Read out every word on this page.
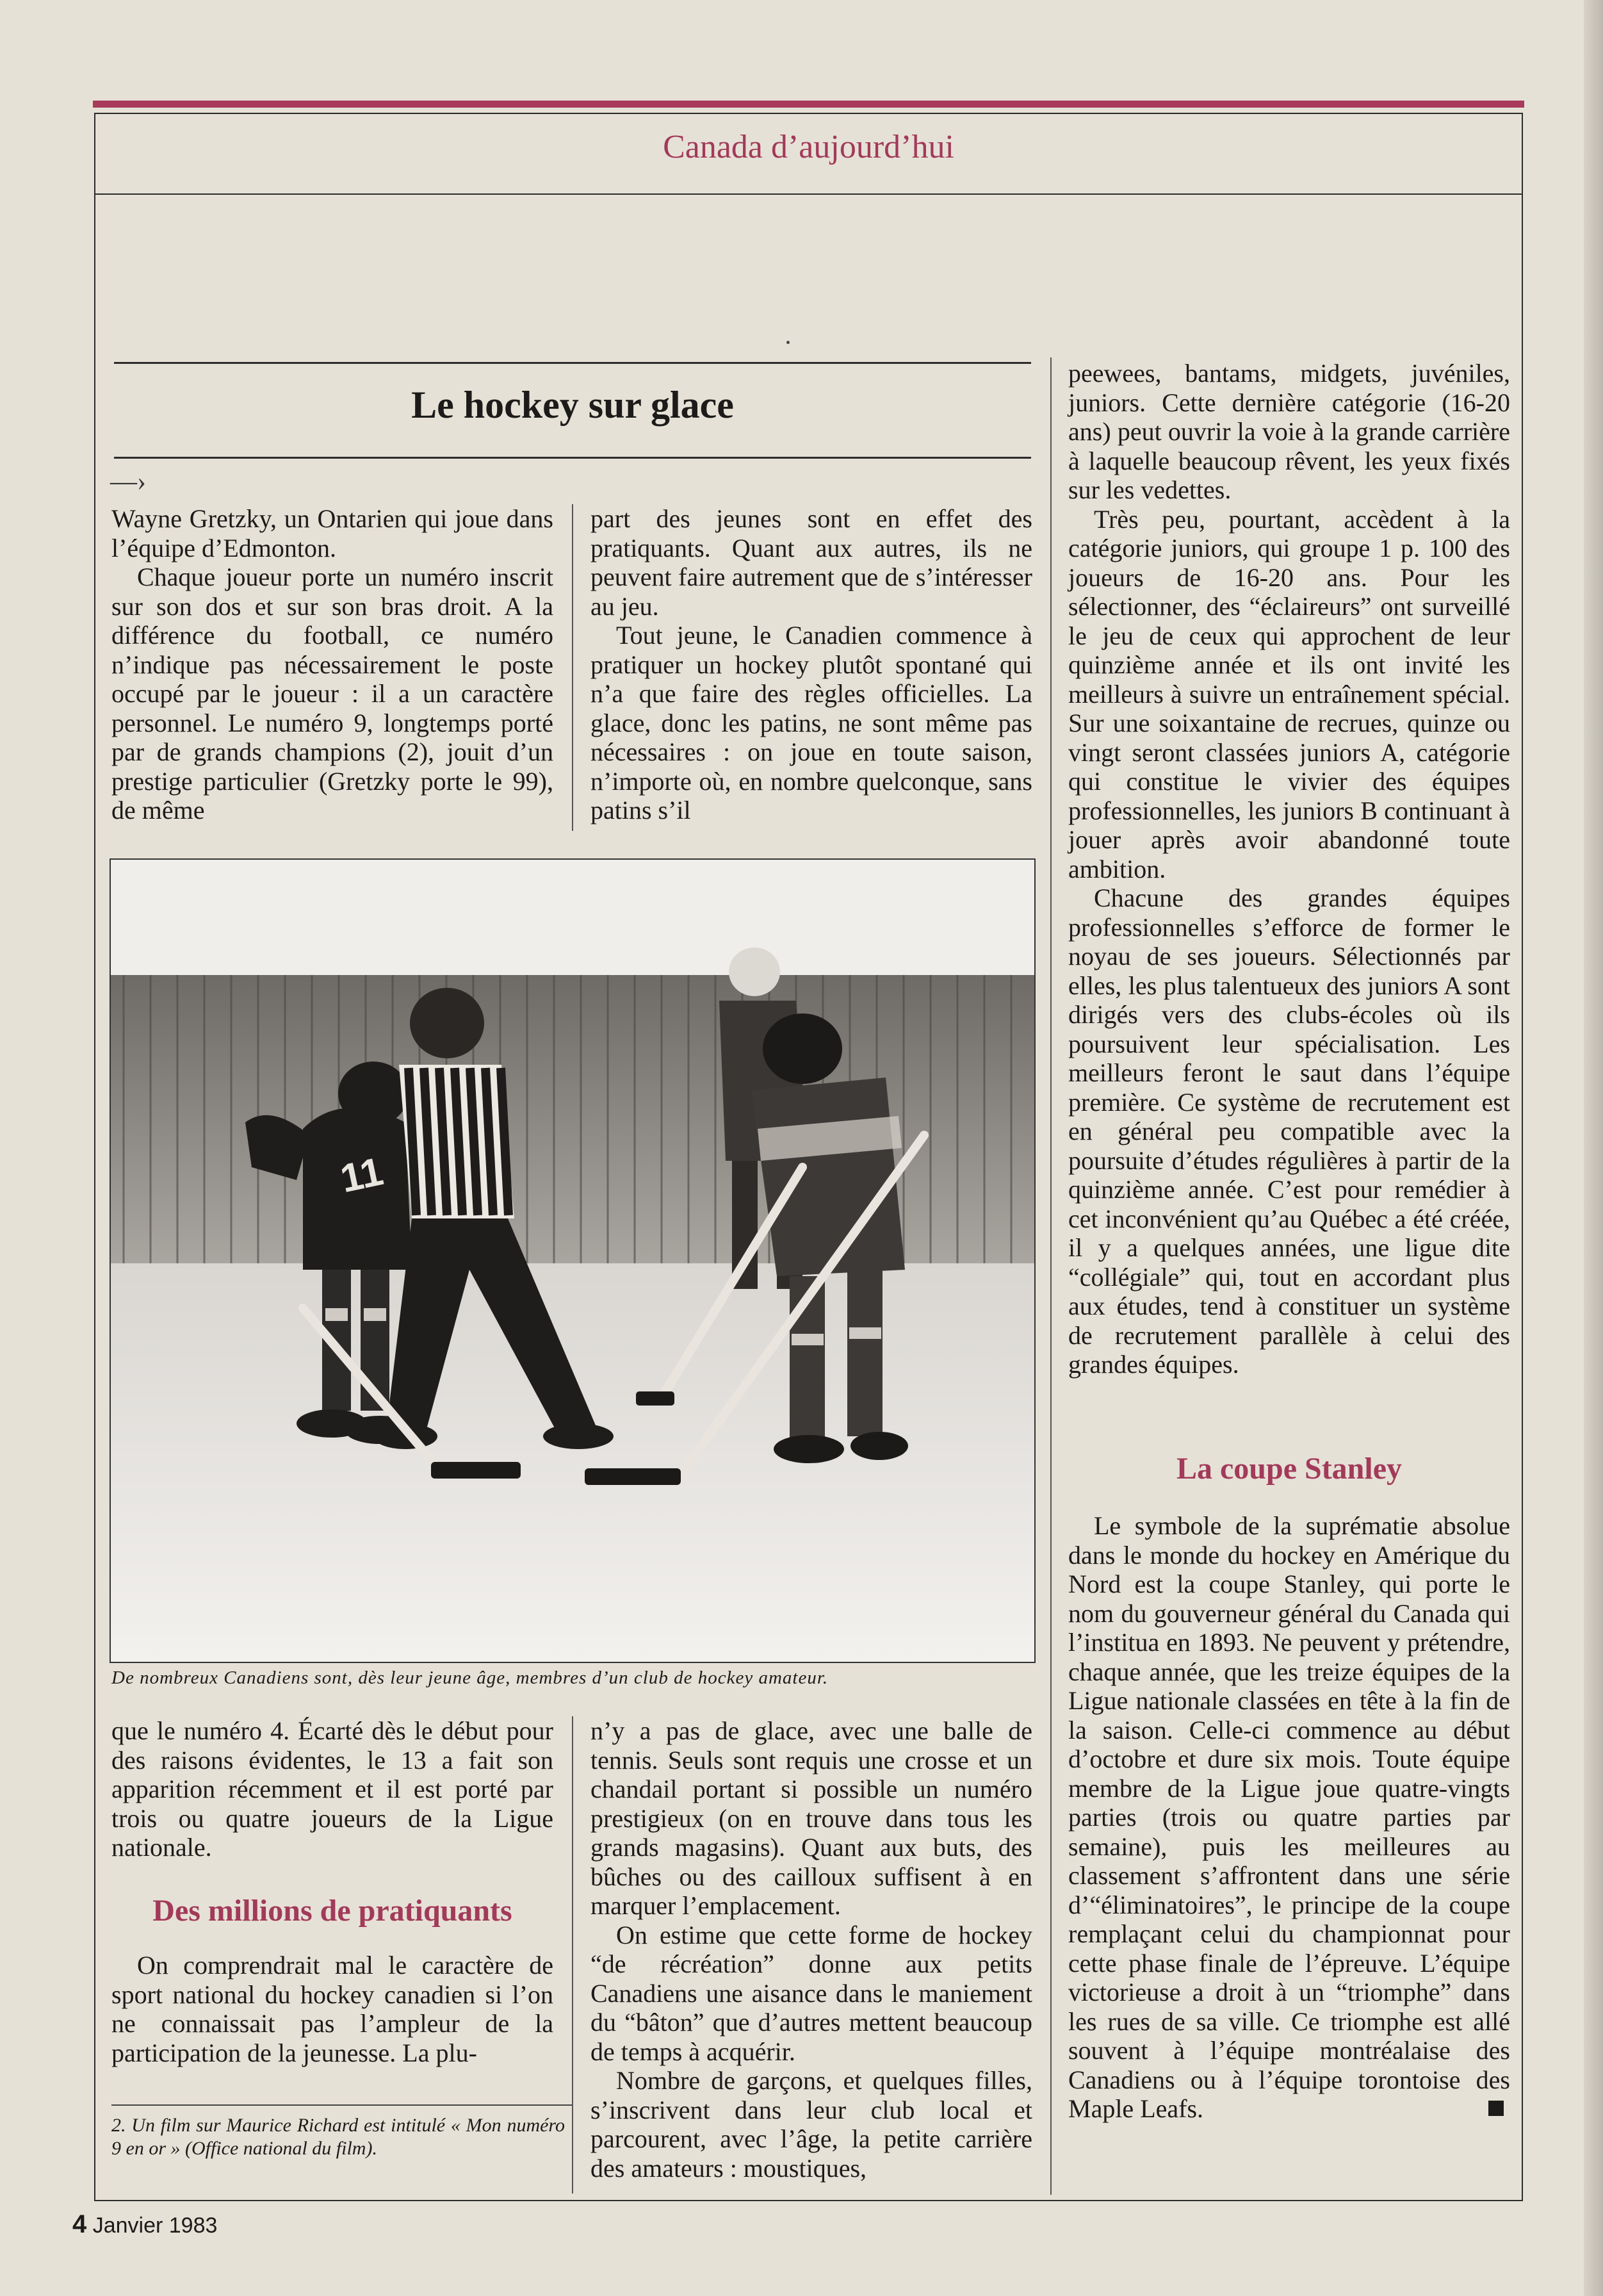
Canada d’aujourd’hui
Le hockey sur glace
—›

Wayne Gretzky, un Ontarien qui joue dans l’équipe d’Edmonton.

Chaque joueur porte un numéro inscrit sur son dos et sur son bras droit. A la différence du football, ce numéro n’indique pas nécessairement le poste occupé par le joueur : il a un caractère personnel. Le numéro 9, longtemps porté par de grands champions (2), jouit d’un prestige particulier (Gretzky porte le 99), de même

part des jeunes sont en effet des pratiquants. Quant aux autres, ils ne peuvent faire autrement que de s’intéresser au jeu.

Tout jeune, le Canadien commence à pratiquer un hockey plutôt spontané qui n’a que faire des règles officielles. La glace, donc les patins, ne sont même pas nécessaires : on joue en toute saison, n’importe où, en nombre quelconque, sans patins s’il

11
De nombreux Canadiens sont, dès leur jeune âge, membres d’un club de hockey amateur.

que le numéro 4. Écarté dès le début pour des raisons évidentes, le 13 a fait son apparition récemment et il est porté par trois ou quatre joueurs de la Ligue nationale.

Des millions de pratiquants

On comprendrait mal le caractère de sport national du hockey canadien si l’on ne connaissait pas l’ampleur de la participation de la jeunesse. La plu-

2. Un film sur Maurice Richard est intitulé « Mon numéro 9 en or » (Office national du film).

n’y a pas de glace, avec une balle de tennis. Seuls sont requis une crosse et un chandail portant si possible un numéro prestigieux (on en trouve dans tous les grands magasins). Quant aux buts, des bûches ou des cailloux suffisent à en marquer l’emplacement.

On estime que cette forme de hockey “de récréation” donne aux petits Canadiens une aisance dans le maniement du “bâton” que d’autres mettent beaucoup de temps à acquérir.

Nombre de garçons, et quelques filles, s’inscrivent dans leur club local et parcourent, avec l’âge, la petite carrière des amateurs : moustiques,

peewees, bantams, midgets, juvéniles, juniors. Cette dernière catégorie (16-20 ans) peut ouvrir la voie à la grande carrière à laquelle beaucoup rêvent, les yeux fixés sur les vedettes.

Très peu, pourtant, accèdent à la catégorie juniors, qui groupe 1 p. 100 des joueurs de 16-20 ans. Pour les sélectionner, des “éclaireurs” ont surveillé le jeu de ceux qui approchent de leur quinzième année et ils ont invité les meilleurs à suivre un entraînement spécial. Sur une soixantaine de recrues, quinze ou vingt seront classées juniors A, catégorie qui constitue le vivier des équipes professionnelles, les juniors B continuant à jouer après avoir abandonné toute ambition.

Chacune des grandes équipes professionnelles s’efforce de former le noyau de ses joueurs. Sélectionnés par elles, les plus talentueux des juniors A sont dirigés vers des clubs-écoles où ils poursuivent leur spécialisation. Les meilleurs feront le saut dans l’équipe première. Ce système de recrutement est en général peu compatible avec la poursuite d’études régulières à partir de la quinzième année. C’est pour remédier à cet inconvénient qu’au Québec a été créée, il y a quelques années, une ligue dite “collégiale” qui, tout en accordant plus aux études, tend à constituer un système de recrutement parallèle à celui des grandes équipes.

La coupe Stanley

Le symbole de la suprématie absolue dans le monde du hockey en Amérique du Nord est la coupe Stanley, qui porte le nom du gouverneur général du Canada qui l’institua en 1893. Ne peuvent y prétendre, chaque année, que les treize équipes de la Ligue nationale classées en tête à la fin de la saison. Celle-ci commence au début d’octobre et dure six mois. Toute équipe membre de la Ligue joue quatre-vingts parties (trois ou quatre parties par semaine), puis les meilleures au classement s’affrontent dans une série d’“éliminatoires”, le principe de la coupe remplaçant celui du championnat pour cette phase finale de l’épreuve. L’équipe victorieuse a droit à un “triomphe” dans les rues de sa ville. Ce triomphe est allé souvent à l’équipe montréalaise des Canadiens ou à l’équipe torontoise des Maple Leafs.

4 Janvier 1983
